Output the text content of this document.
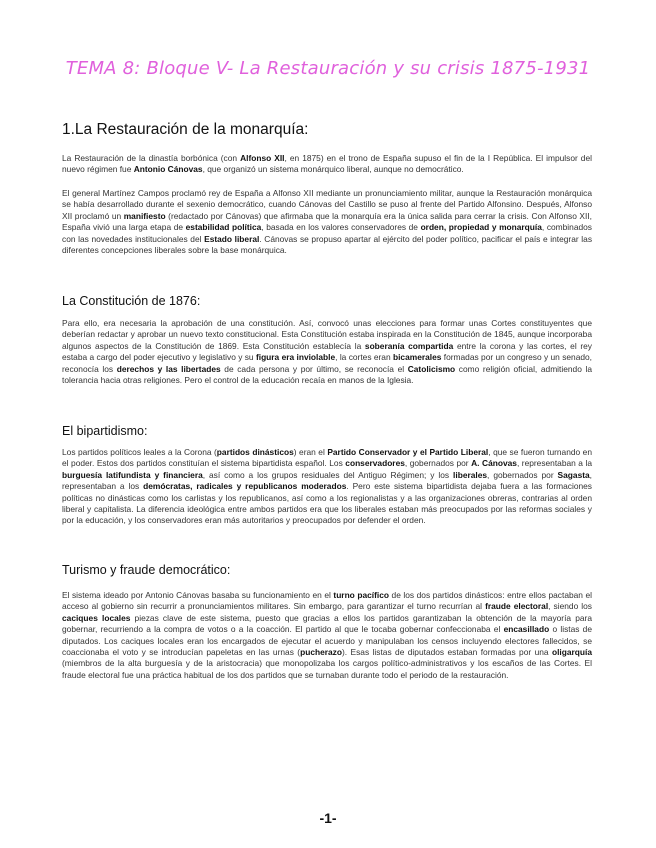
TEMA 8: Bloque V- La Restauración y su crisis 1875-1931
1.La Restauración de la monarquía:
La Restauración de la dinastía borbónica (con Alfonso XII, en 1875) en el trono de España supuso el fin de la I República. El impulsor del nuevo régimen fue Antonio Cánovas, que organizó un sistema monárquico liberal, aunque no democrático.
El general Martínez Campos proclamó rey de España a Alfonso XII mediante un pronunciamiento militar, aunque la Restauración monárquica se había desarrollado durante el sexenio democrático, cuando Cánovas del Castillo se puso al frente del Partido Alfonsino. Después, Alfonso XII proclamó un manifiesto (redactado por Cánovas) que afirmaba que la monarquía era la única salida para cerrar la crisis. Con Alfonso XII, España vivió una larga etapa de estabilidad política, basada en los valores conservadores de orden, propiedad y monarquía, combinados con las novedades institucionales del Estado liberal. Cánovas se propuso apartar al ejército del poder político, pacificar el país e integrar las diferentes concepciones liberales sobre la base monárquica.
La Constitución de 1876:
Para ello, era necesaria la aprobación de una constitución. Así, convocó unas elecciones para formar unas Cortes constituyentes que deberían redactar y aprobar un nuevo texto constitucional. Esta Constitución estaba inspirada en la Constitución de 1845, aunque incorporaba algunos aspectos de la Constitución de 1869. Esta Constitución establecía la soberanía compartida entre la corona y las cortes, el rey estaba a cargo del poder ejecutivo y legislativo y su figura era inviolable, la cortes eran bicamerales formadas por un congreso y un senado, reconocía los derechos y las libertades de cada persona y por último, se reconocía el Catolicismo como religión oficial, admitiendo la tolerancia hacia otras religiones. Pero el control de la educación recaía en manos de la Iglesia.
El bipartidismo:
Los partidos políticos leales a la Corona (partidos dinásticos) eran el Partido Conservador y el Partido Liberal, que se fueron turnando en el poder. Estos dos partidos constituían el sistema bipartidista español. Los conservadores, gobernados por A. Cánovas, representaban a la burguesía latifundista y financiera, así como a los grupos residuales del Antiguo Régimen; y los liberales, gobernados por Sagasta, representaban a los demócratas, radicales y republicanos moderados. Pero este sistema bipartidista dejaba fuera a las formaciones políticas no dinásticas como los carlistas y los republicanos, así como a los regionalistas y a las organizaciones obreras, contrarias al orden liberal y capitalista. La diferencia ideológica entre ambos partidos era que los liberales estaban más preocupados por las reformas sociales y por la educación, y los conservadores eran más autoritarios y preocupados por defender el orden.
Turismo y fraude democrático:
El sistema ideado por Antonio Cánovas basaba su funcionamiento en el turno pacífico de los dos partidos dinásticos: entre ellos pactaban el acceso al gobierno sin recurrir a pronunciamientos militares. Sin embargo, para garantizar el turno recurrían al fraude electoral, siendo los caciques locales piezas clave de este sistema, puesto que gracias a ellos los partidos garantizaban la obtención de la mayoría para gobernar, recurriendo a la compra de votos o a la coacción. El partido al que le tocaba gobernar confeccionaba el encasillado o listas de diputados. Los caciques locales eran los encargados de ejecutar el acuerdo y manipulaban los censos incluyendo electores fallecidos, se coaccionaba el voto y se introducían papeletas en las urnas (pucherazo). Esas listas de diputados estaban formadas por una oligarquía (miembros de la alta burguesía y de la aristocracia) que monopolizaba los cargos político-administrativos y los escaños de las Cortes. El fraude electoral fue una práctica habitual de los dos partidos que se turnaban durante todo el periodo de la restauración.
-1-
